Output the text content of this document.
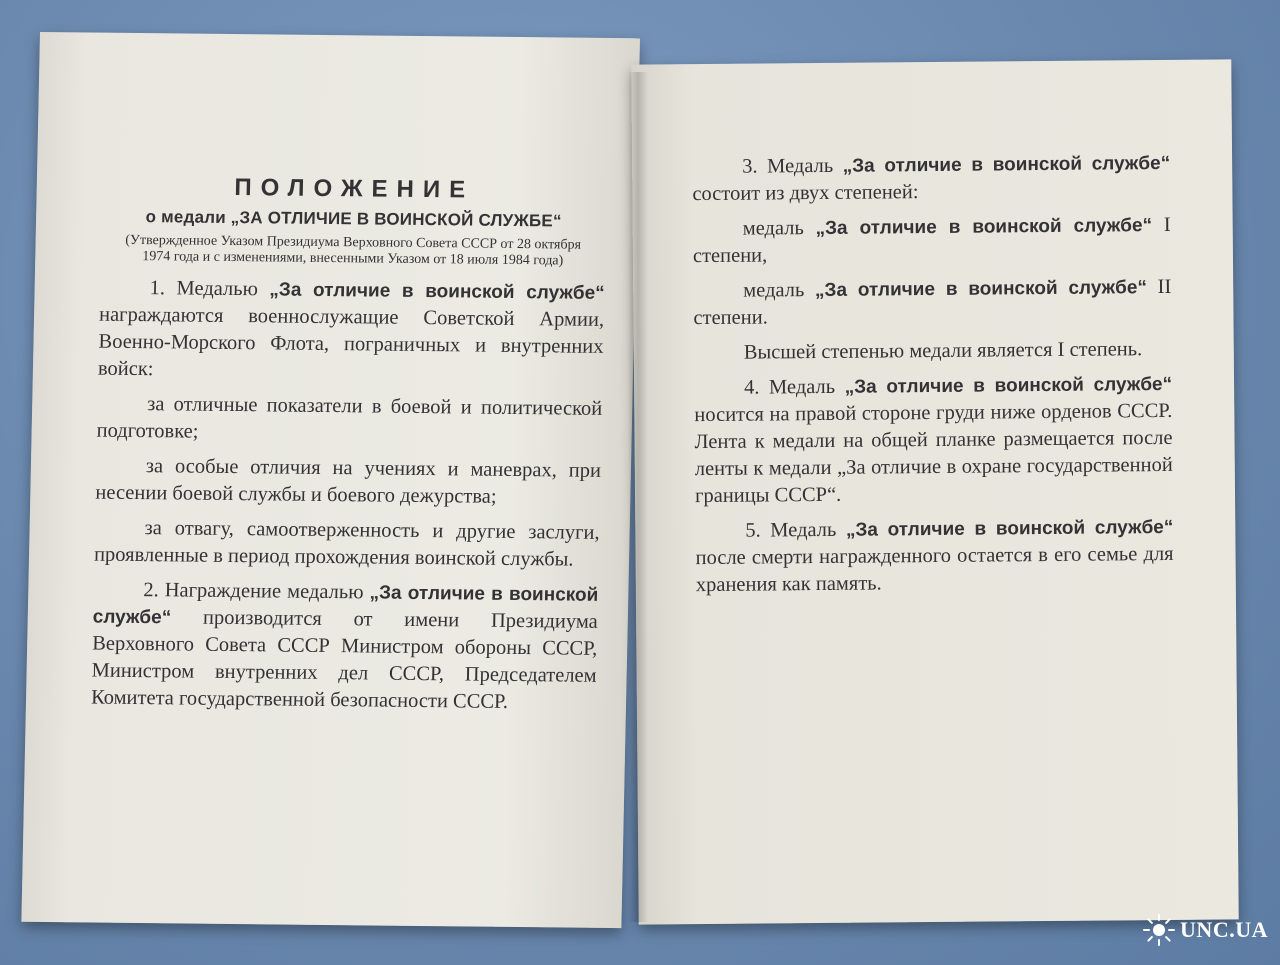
ПОЛОЖЕНИЕ
о медали „ЗА ОТЛИЧИЕ В ВОИНСКОЙ СЛУЖБЕ“
(Утвержденное Указом Президиума Верховного Совета СССР от 28 октября 1974 года и с изменениями, внесенными Указом от 18 июля 1984 года)

1. Медалью „За отличие в воинской службе“ награждаются военнослужащие Советской Армии, Военно-Морского Флота, пограничных и внутренних войск:

за отличные показатели в боевой и политической подготовке;

за особые отличия на учениях и маневрах, при несении боевой службы и боевого дежурства;

за отвагу, самоотверженность и другие заслуги, проявленные в период прохождения воинской службы.

2. Награждение медалью „За отличие в воинской службе“ производится от имени Президиума Верховного Совета СССР Министром обороны СССР, Министром внутренних дел СССР, Председателем Комитета государственной безопасности СССР.

3. Медаль „За отличие в воинской службе“ состоит из двух степеней:

медаль „За отличие в воинской службе“ I степени,

медаль „За отличие в воинской службе“ II степени.

Высшей степенью медали является I степень.

4. Медаль „За отличие в воинской службе“ носится на правой стороне груди ниже орденов СССР. Лента к медали на общей планке размещается после ленты к медали „За отличие в охране государственной границы СССР“.

5. Медаль „За отличие в воинской службе“ после смерти награжденного остается в его семье для хранения как память.

UNC.UA
